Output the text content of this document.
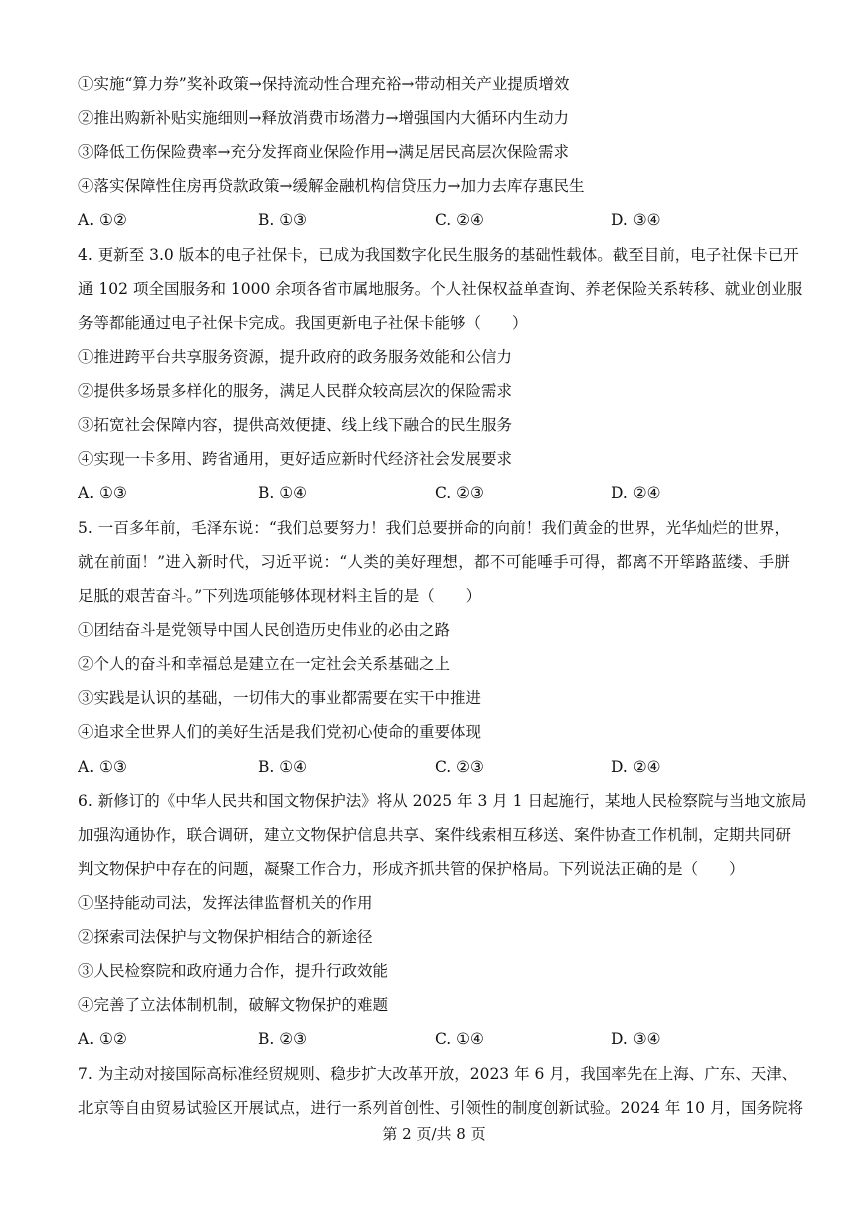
①实施“算力券”奖补政策→保持流动性合理充裕→带动相关产业提质增效
②推出购新补贴实施细则→释放消费市场潜力→增强国内大循环内生动力
③降低工伤保险费率→充分发挥商业保险作用→满足居民高层次保险需求
④落实保障性住房再贷款政策→缓解金融机构信贷压力→加力去库存惠民生
A. ①②	B. ①③	C. ②④	D. ③④
4. 更新至 3.0 版本的电子社保卡，已成为我国数字化民生服务的基础性载体。截至目前，电子社保卡已开
通 102 项全国服务和 1000 余项各省市属地服务。个人社保权益单查询、养老保险关系转移、就业创业服
务等都能通过电子社保卡完成。我国更新电子社保卡能够（　　）
①推进跨平台共享服务资源，提升政府的政务服务效能和公信力
②提供多场景多样化的服务，满足人民群众较高层次的保险需求
③拓宽社会保障内容，提供高效便捷、线上线下融合的民生服务
④实现一卡多用、跨省通用，更好适应新时代经济社会发展要求
A. ①③	B. ①④	C. ②③	D. ②④
5. 一百多年前，毛泽东说：“我们总要努力！我们总要拼命的向前！我们黄金的世界，光华灿烂的世界，
就在前面！”进入新时代，习近平说：“人类的美好理想，都不可能唾手可得，都离不开筚路蓝缕、手胼
足胝的艰苦奋斗。”下列选项能够体现材料主旨的是（　　）
①团结奋斗是党领导中国人民创造历史伟业的必由之路
②个人的奋斗和幸福总是建立在一定社会关系基础之上
③实践是认识的基础，一切伟大的事业都需要在实干中推进
④追求全世界人们的美好生活是我们党初心使命的重要体现
A. ①③	B. ①④	C. ②③	D. ②④
6. 新修订的《中华人民共和国文物保护法》将从 2025 年 3 月 1 日起施行，某地人民检察院与当地文旅局
加强沟通协作，联合调研，建立文物保护信息共享、案件线索相互移送、案件协查工作机制，定期共同研
判文物保护中存在的问题，凝聚工作合力，形成齐抓共管的保护格局。下列说法正确的是（　　）
①坚持能动司法，发挥法律监督机关的作用
②探索司法保护与文物保护相结合的新途径
③人民检察院和政府通力合作，提升行政效能
④完善了立法体制机制，破解文物保护的难题
A. ①②	B. ②③	C. ①④	D. ③④
7. 为主动对接国际高标准经贸规则、稳步扩大改革开放，2023 年 6 月，我国率先在上海、广东、天津、
北京等自由贸易试验区开展试点，进行一系列首创性、引领性的制度创新试验。2024 年 10 月，国务院将
第 2 页/共 8 页
